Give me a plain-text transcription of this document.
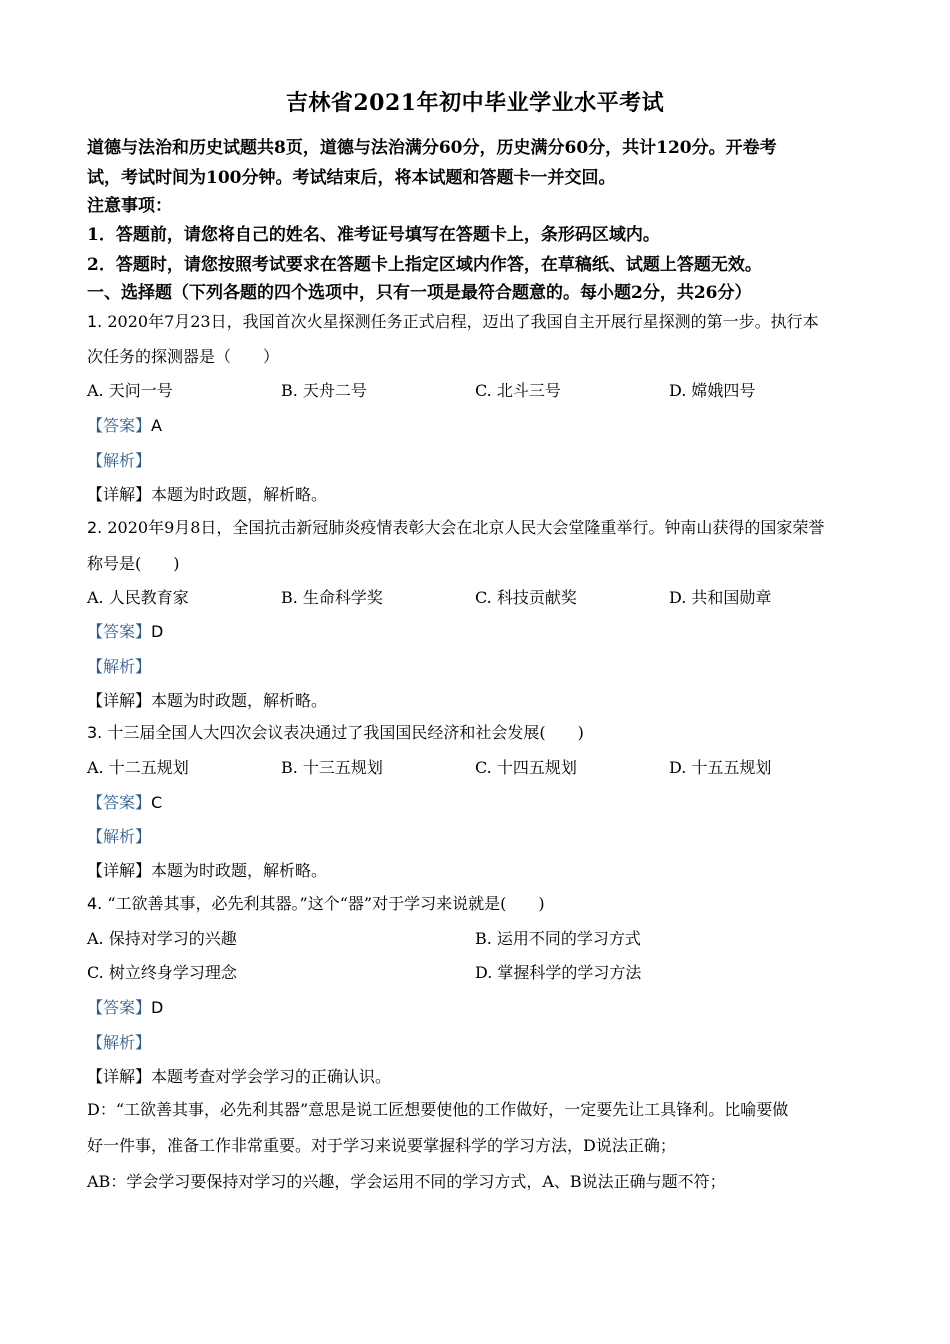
吉林省2021年初中毕业学业水平考试
道德与法治和历史试题共8页，道德与法治满分60分，历史满分60分，共计120分。开卷考
试，考试时间为100分钟。考试结束后，将本试题和答题卡一并交回。
注意事项：
1．答题前，请您将自己的姓名、准考证号填写在答题卡上，条形码区域内。
2．答题时，请您按照考试要求在答题卡上指定区域内作答，在草稿纸、试题上答题无效。
一、选择题（下列各题的四个选项中，只有一项是最符合题意的。每小题2分，共26分）
1. 2020年7月23日，我国首次火星探测任务正式启程，迈出了我国自主开展行星探测的第一步。执行本
次任务的探测器是（　　）
A. 天问一号	B. 天舟二号	C. 北斗三号	D. 嫦娥四号
【答案】A
【解析】
【详解】本题为时政题，解析略。
2. 2020年9月8日，全国抗击新冠肺炎疫情表彰大会在北京人民大会堂隆重举行。钟南山获得的国家荣誉
称号是(　　)
A. 人民教育家	B. 生命科学奖	C. 科技贡献奖	D. 共和国勋章
【答案】D
【解析】
【详解】本题为时政题，解析略。
3. 十三届全国人大四次会议表决通过了我国国民经济和社会发展(　　)
A. 十二五规划	B. 十三五规划	C. 十四五规划	D. 十五五规划
【答案】C
【解析】
【详解】本题为时政题，解析略。
4. “工欲善其事，必先利其器。”这个“器”对于学习来说就是(　　)
A. 保持对学习的兴趣	B. 运用不同的学习方式
C. 树立终身学习理念	D. 掌握科学的学习方法
【答案】D
【解析】
【详解】本题考查对学会学习的正确认识。
D：“工欲善其事，必先利其器”意思是说工匠想要使他的工作做好，一定要先让工具锋利。比喻要做
好一件事，准备工作非常重要。对于学习来说要掌握科学的学习方法，D说法正确；
AB：学会学习要保持对学习的兴趣，学会运用不同的学习方式，A、B说法正确与题不符；
